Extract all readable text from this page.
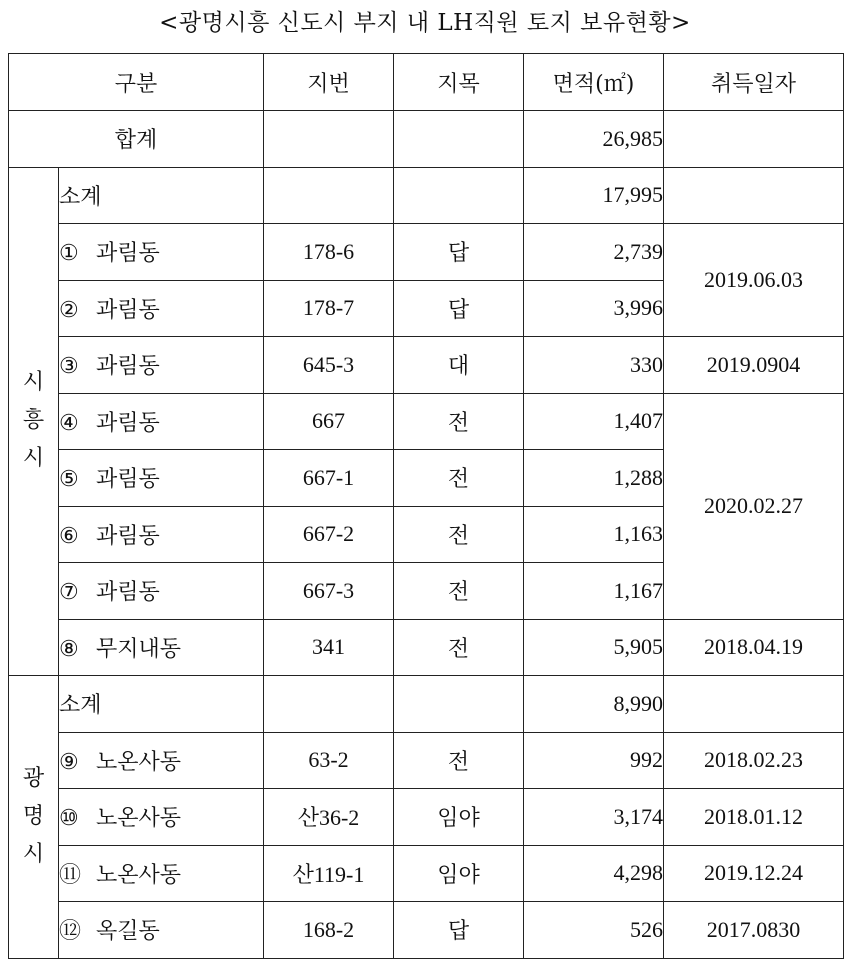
<광명시흥 신도시 부지 내 LH직원 토지 보유현황>
구분		지번	지목	면적(㎡)	취득일자
합계				26,985	

시
흥
시	소계			17,995	
	① 과림동	178-6	답	2,739	2019.06.03
	② 과림동	178-7	답	3,996	
	③ 과림동	645-3	대	330	2019.0904
	④ 과림동	667	전	1,407	2020.02.27
	⑤ 과림동	667-1	전	1,288	
	⑥ 과림동	667-2	전	1,163	
	⑦ 과림동	667-3	전	1,167	
	⑧ 무지내동	341	전	5,905	2018.04.19

광
명
시	소계			8,990	
	⑨ 노온사동	63-2	전	992	2018.02.23
	⑩ 노온사동	산36-2	임야	3,174	2018.01.12
	⑪ 노온사동	산119-1	임야	4,298	2019.12.24
	⑫ 옥길동	168-2	답	526	2017.0830
